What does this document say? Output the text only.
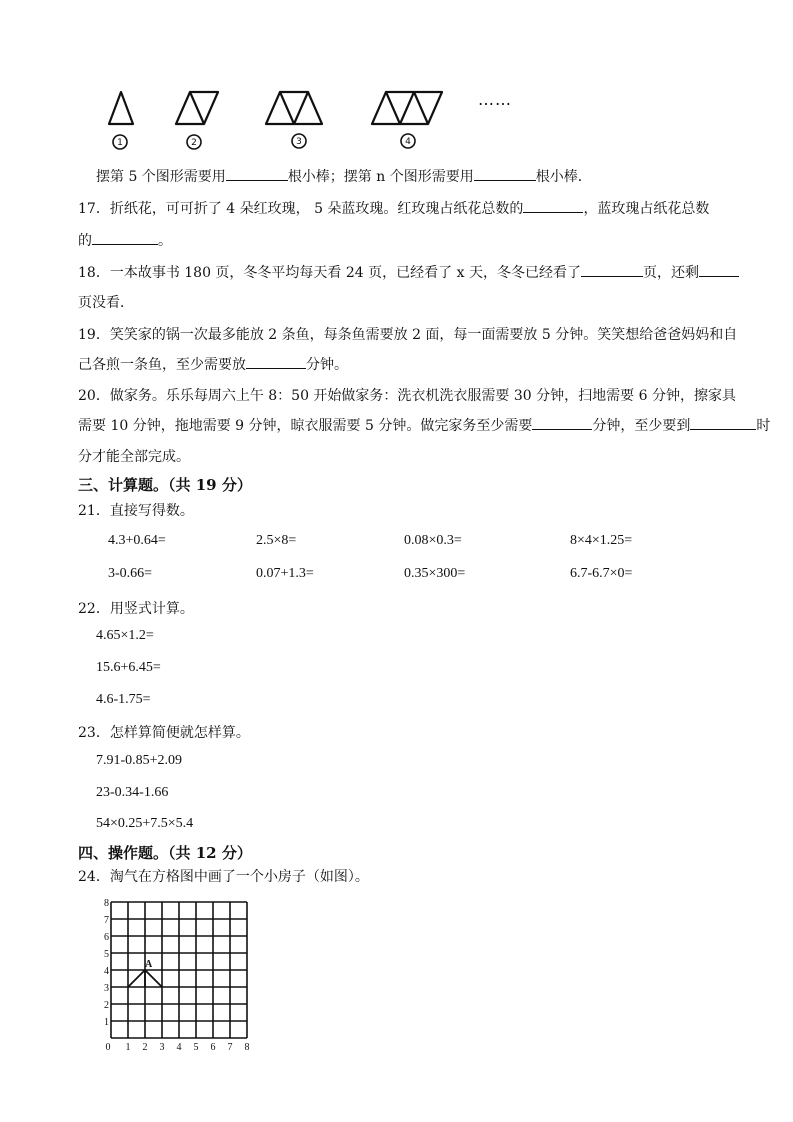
1	2	3	4
……
摆第 5 个图形需要用	根小棒；摆第 n 个图形需要用	根小棒．
17．折纸花，可可折了 4 朵红玫瑰， 5 朵蓝玫瑰。红玫瑰占纸花总数的	，蓝玫瑰占纸花总数
的	。
18．一本故事书 180 页，冬冬平均每天看 24 页，已经看了 x 天，冬冬已经看了	页，还剩
页没看．
19．笑笑家的锅一次最多能放 2 条鱼，每条鱼需要放 2 面，每一面需要放 5 分钟。笑笑想给爸爸妈妈和自
己各煎一条鱼，至少需要放	分钟。
20．做家务。乐乐每周六上午 8：50 开始做家务：洗衣机洗衣服需要 30 分钟，扫地需要 6 分钟，擦家具
需要 10 分钟，拖地需要 9 分钟，晾衣服需要 5 分钟。做完家务至少需要	分钟，至少要到	时
分才能全部完成。
三、计算题。（共 19 分）
21．直接写得数。
4.3+0.64=	2.5×8=	0.08×0.3=	8×4×1.25=
3-0.66=	0.07+1.3=	0.35×300=	6.7-6.7×0=
22．用竖式计算。
4.65×1.2=
15.6+6.45=
4.6-1.75=
23．怎样算简便就怎样算。
7.91-0.85+2.09
23-0.34-1.66
54×0.25+7.5×5.4
四、操作题。（共 12 分）
24．淘气在方格图中画了一个小房子（如图）。
A
8
7
6
5
4
3
2
1
0 1 2 3 4 5 6 7 8
